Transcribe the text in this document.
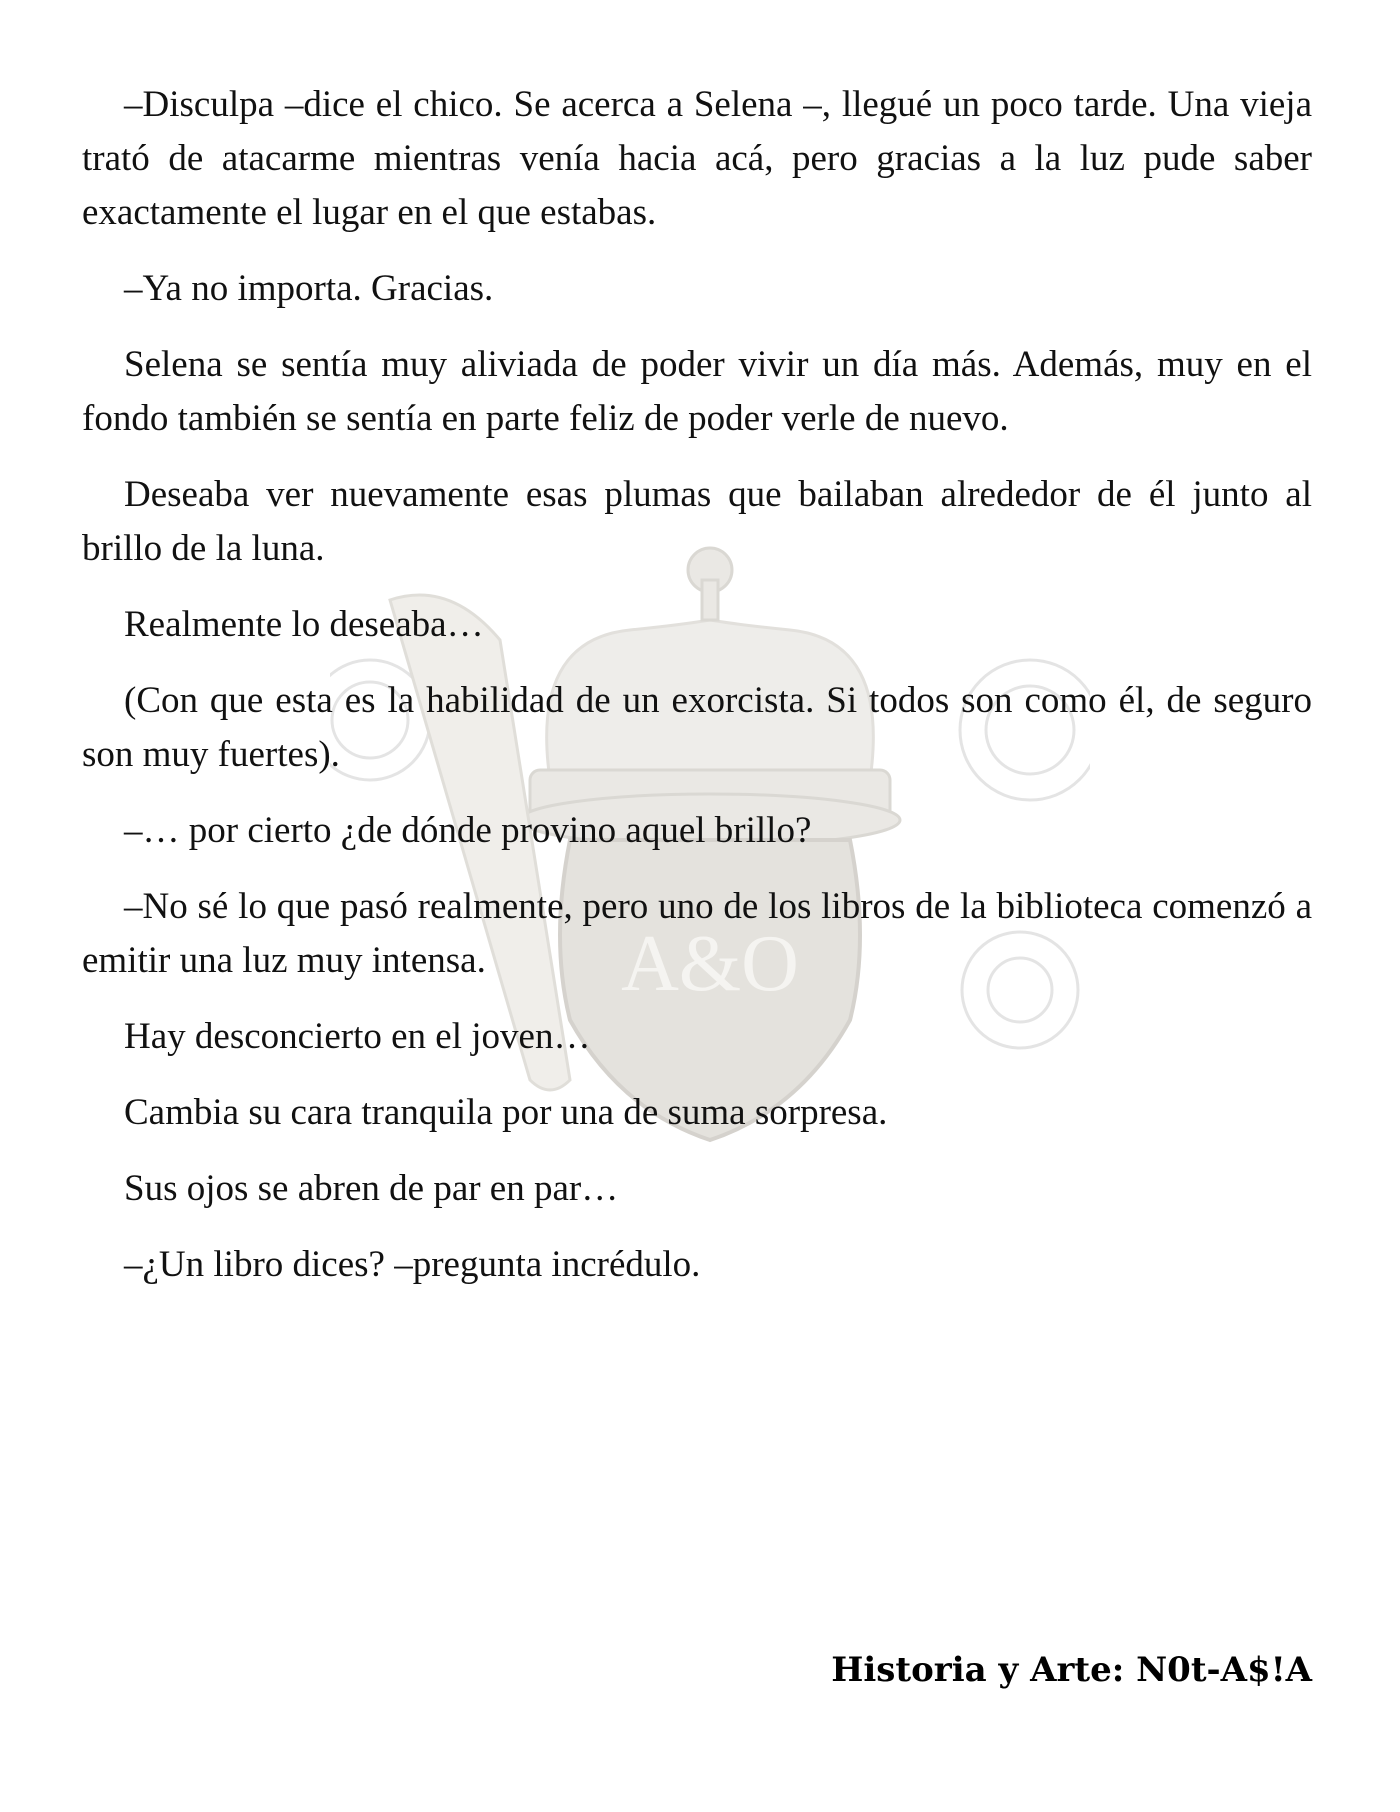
A&O

–Disculpa –dice el chico. Se acerca a Selena –, llegué un poco tarde. Una vieja trató de atacarme mientras venía hacia acá, pero gracias a la luz pude saber exactamente el lugar en el que estabas.

–Ya no importa. Gracias.

Selena se sentía muy aliviada de poder vivir un día más. Además, muy en el fondo también se sentía en parte feliz de poder verle de nuevo.

Deseaba ver nuevamente esas plumas que bailaban alrededor de él junto al brillo de la luna.

Realmente lo deseaba…

(Con que esta es la habilidad de un exorcista. Si todos son como él, de seguro son muy fuertes).

–… por cierto ¿de dónde provino aquel brillo?

–No sé lo que pasó realmente, pero uno de los libros de la biblioteca comenzó a emitir una luz muy intensa.

Hay desconcierto en el joven…

Cambia su cara tranquila por una de suma sorpresa.

Sus ojos se abren de par en par…

–¿Un libro dices? –pregunta incrédulo.

Historia y Arte: N0t-A$!A
